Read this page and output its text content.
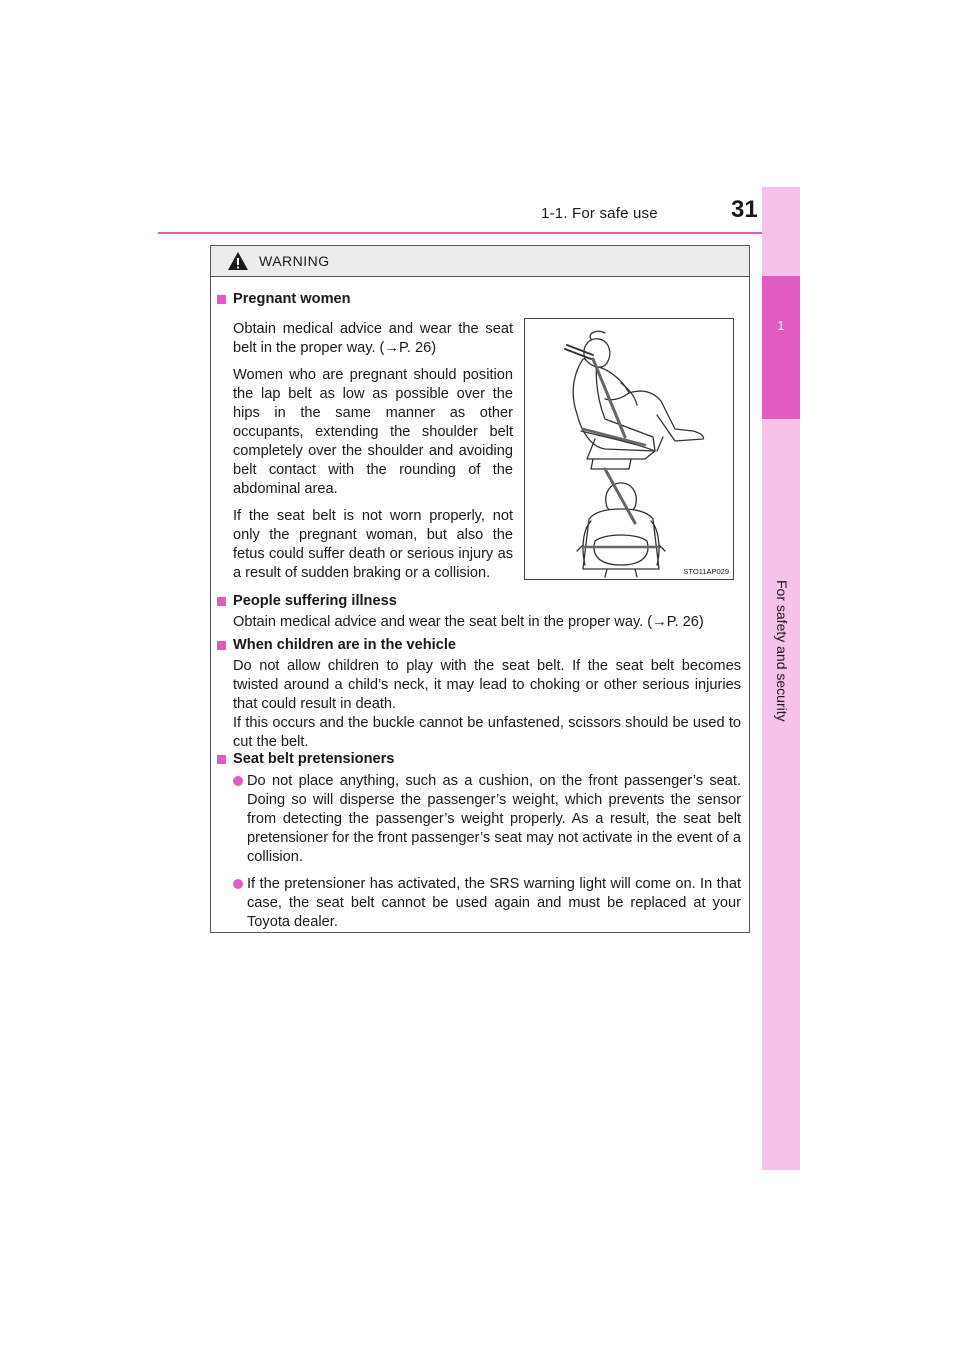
1-1. For safe use	31
1
For safety and security
WARNING
Pregnant women
Obtain medical advice and wear the seat belt in the proper way. (→P. 26)
Women who are pregnant should position the lap belt as low as possible over the hips in the same manner as other occupants, extending the shoulder belt completely over the shoulder and avoiding belt contact with the rounding of the abdominal area.
If the seat belt is not worn properly, not only the pregnant woman, but also the fetus could suffer death or serious injury as a result of sudden braking or a collision.
People suffering illness
Obtain medical advice and wear the seat belt in the proper way. (→P. 26)
When children are in the vehicle
Do not allow children to play with the seat belt. If the seat belt becomes twisted around a child’s neck, it may lead to choking or other serious injuries that could result in death.
If this occurs and the buckle cannot be unfastened, scissors should be used to cut the belt.
Seat belt pretensioners
Do not place anything, such as a cushion, on the front passenger’s seat. Doing so will disperse the passenger’s weight, which prevents the sensor from detecting the passenger’s weight properly. As a result, the seat belt pretensioner for the front passenger’s seat may not activate in the event of a collision.
If the pretensioner has activated, the SRS warning light will come on. In that case, the seat belt cannot be used again and must be replaced at your Toyota dealer.
STO11AP029
